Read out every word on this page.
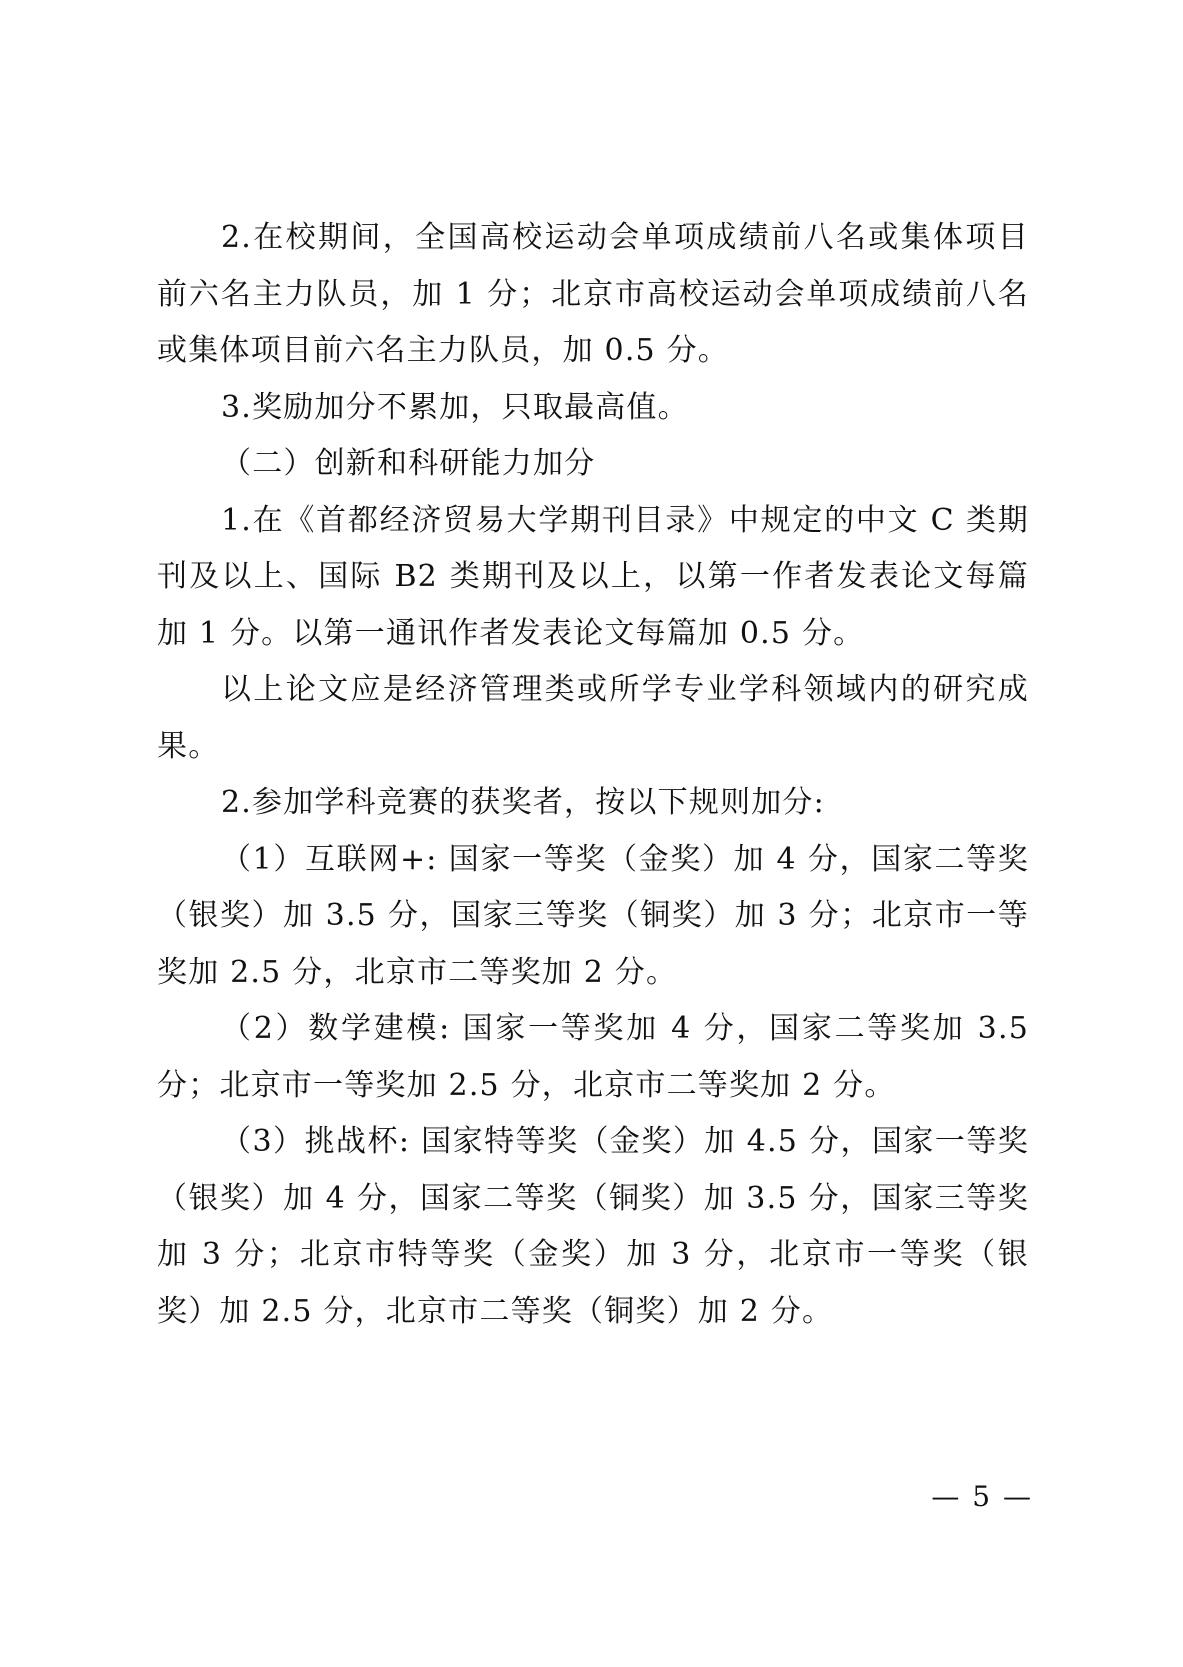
2.在校期间，全国高校运动会单项成绩前八名或集体项目前六名主力队员，加 1 分；北京市高校运动会单项成绩前八名或集体项目前六名主力队员，加 0.5 分。

3.奖励加分不累加，只取最高值。

（二）创新和科研能力加分

1.在《首都经济贸易大学期刊目录》中规定的中文 C 类期刊及以上、国际 B2 类期刊及以上，以第一作者发表论文每篇加 1 分。以第一通讯作者发表论文每篇加 0.5 分。

以上论文应是经济管理类或所学专业学科领域内的研究成果。

2.参加学科竞赛的获奖者，按以下规则加分:

（1）互联网+: 国家一等奖（金奖）加 4 分，国家二等奖（银奖）加 3.5 分，国家三等奖（铜奖）加 3 分；北京市一等奖加 2.5 分，北京市二等奖加 2 分。

（2）数学建模: 国家一等奖加 4 分，国家二等奖加 3.5 分；北京市一等奖加 2.5 分，北京市二等奖加 2 分。

（3）挑战杯: 国家特等奖（金奖）加 4.5 分，国家一等奖（银奖）加 4 分，国家二等奖（铜奖）加 3.5 分，国家三等奖加 3 分；北京市特等奖（金奖）加 3 分，北京市一等奖（银奖）加 2.5 分，北京市二等奖（铜奖）加 2 分。

— 5 —
